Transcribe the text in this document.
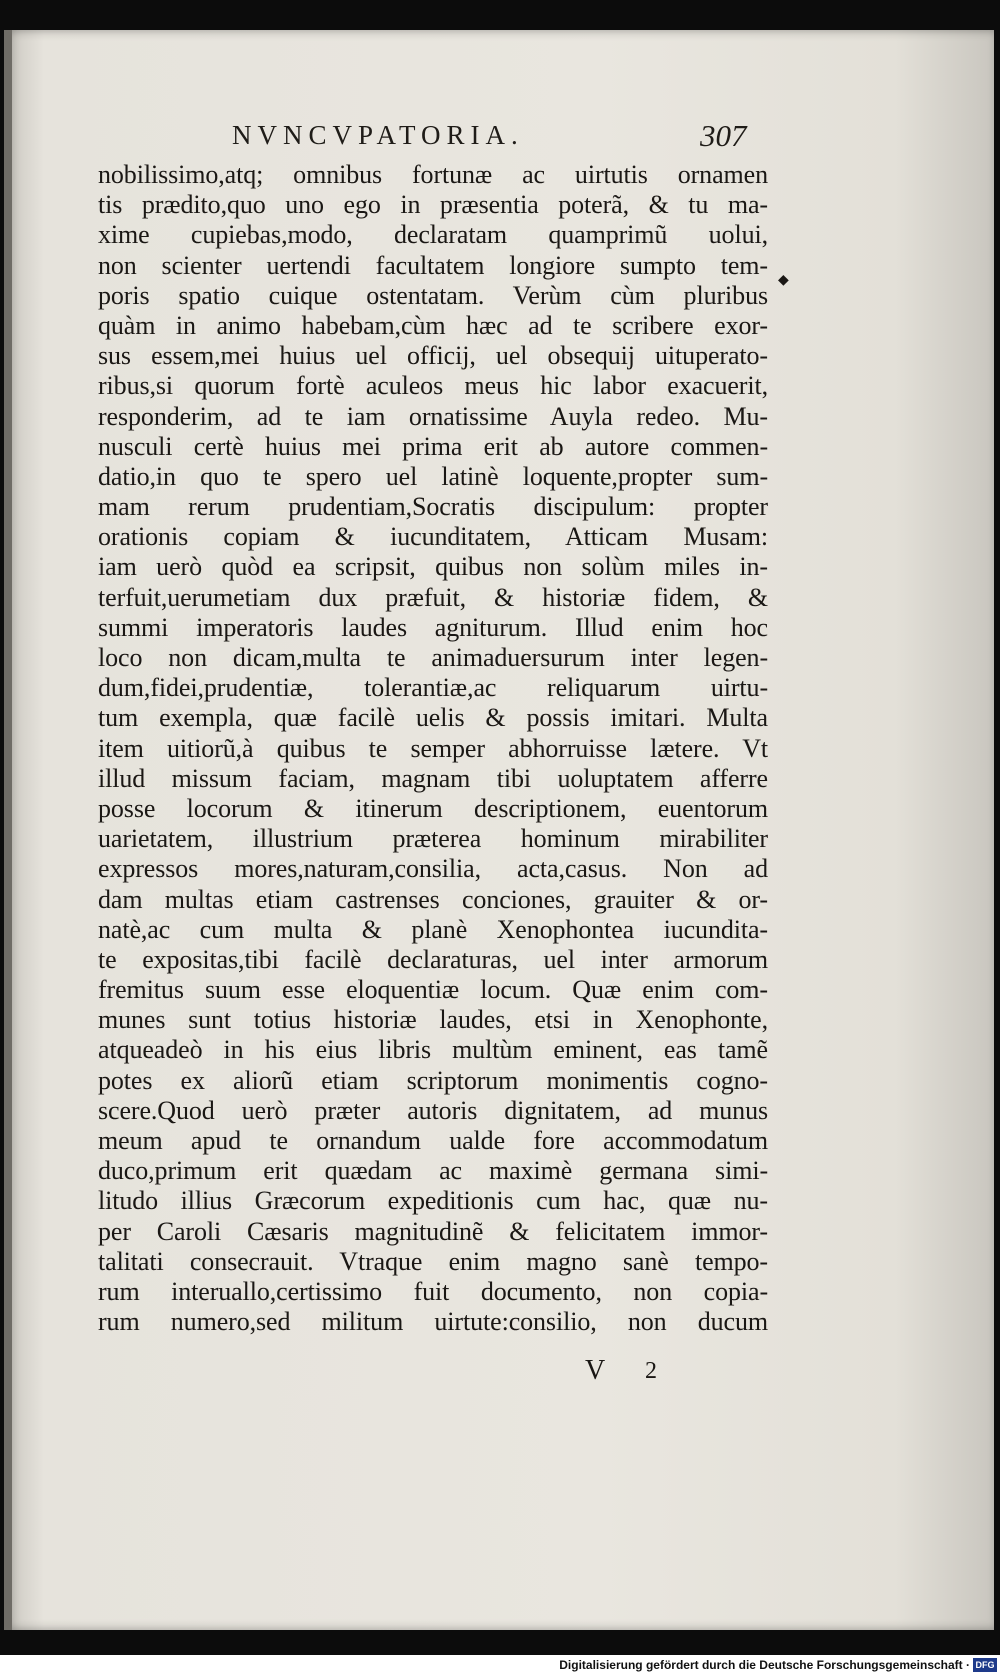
NVNCVPATORIA.	307
nobilissimo,atq; omnibus fortunæ ac uirtutis ornamen
tis prædito,quo uno ego in præsentia poterã, & tu ma-
xime cupiebas,modo, declaratam quamprimũ uolui,
non scienter uertendi facultatem longiore sumpto tem-
poris spatio cuique ostentatam. Verùm cùm pluribus
quàm in animo habebam,cùm hæc ad te scribere exor-
sus essem,mei huius uel officij, uel obsequij uituperato-
ribus,si quorum fortè aculeos meus hic labor exacuerit,
responderim, ad te iam ornatissime Auyla redeo. Mu-
nusculi certè huius mei prima erit ab autore commen-
datio,in quo te spero uel latinè loquente,propter sum-
mam rerum prudentiam,Socratis discipulum: propter
orationis copiam & iucunditatem, Atticam Musam:
iam uerò quòd ea scripsit, quibus non solùm miles in-
terfuit,uerumetiam dux præfuit, & historiæ fidem, &
summi imperatoris laudes agniturum. Illud enim hoc
loco non dicam,multa te animaduersurum inter legen-
dum,fidei,prudentiæ, tolerantiæ,ac reliquarum uirtu-
tum exempla, quæ facilè uelis & possis imitari. Multa
item uitiorũ,à quibus te semper abhorruisse lætere. Vt
illud missum faciam, magnam tibi uoluptatem afferre
posse locorum & itinerum descriptionem, euentorum
uarietatem, illustrium præterea hominum mirabiliter
expressos mores,naturam,consilia, acta,casus. Non ad
dam multas etiam castrenses conciones, grauiter & or-
natè,ac cum multa & planè Xenophontea iucundita-
te expositas,tibi facilè declaraturas, uel inter armorum
fremitus suum esse eloquentiæ locum. Quæ enim com-
munes sunt totius historiæ laudes, etsi in Xenophonte,
atqueadeò in his eius libris multùm eminent, eas tamẽ
potes ex aliorũ etiam scriptorum monimentis cogno-
scere.Quod uerò præter autoris dignitatem, ad munus
meum apud te ornandum ualde fore accommodatum
duco,primum erit quædam ac maximè germana simi-
litudo illius Græcorum expeditionis cum hac, quæ nu-
per Caroli Cæsaris magnitudinẽ & felicitatem immor-
talitati consecrauit. Vtraque enim magno sanè tempo-
rum interuallo,certissimo fuit documento, non copia-
rum numero,sed militum uirtute:consilio, non ducum
◆
V 2
Digitalisierung gefördert durch die Deutsche Forschungsgemeinschaft · DFG
